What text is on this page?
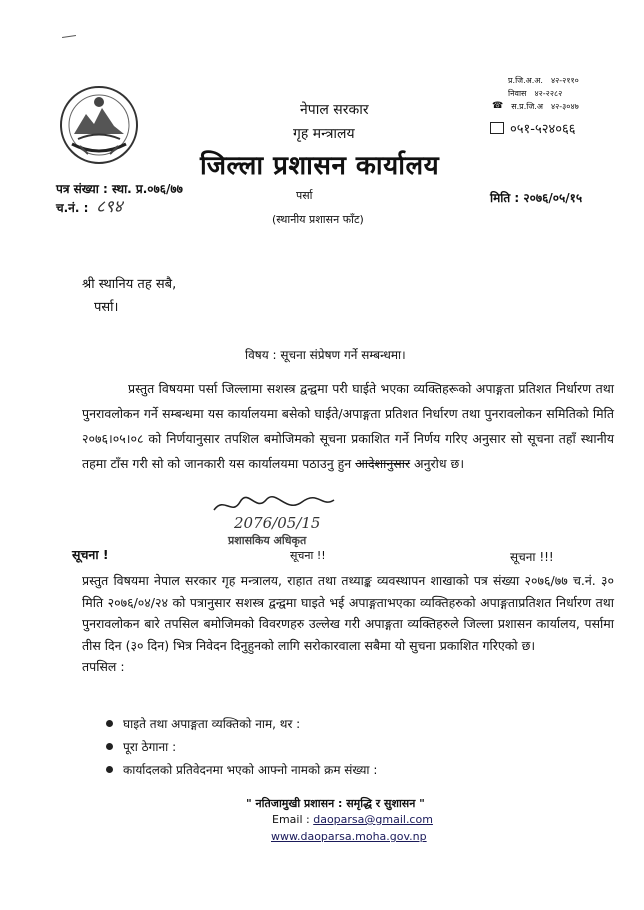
नेपाल सरकार
गृह मन्त्रालय
जिल्ला प्रशासन कार्यालय
पर्सा
(स्थानीय प्रशासन फाँट)
प्र.जि.अ.अ. ४२-२११०
निवास ४२-२२८२
☎ स.प्र.जि.अ ४२-३०४७
०५१-५२४०६६
पत्र संख्या : स्था. प्र.०७६/७७
च.नं. : ८९४	मिति : २०७६/०५/१५
श्री स्थानिय तह सबै,
पर्सा।
विषय : सूचना संप्रेषण गर्ने सम्बन्धमा।
प्रस्तुत विषयमा पर्सा जिल्लामा सशस्त्र द्वन्द्वमा परी घाईते भएका व्यक्तिहरूको अपाङ्गता प्रतिशत निर्धारण तथा पुनरावलोकन गर्ने सम्बन्धमा यस कार्यालयमा बसेको घाईते/अपाङ्गता प्रतिशत निर्धारण तथा पुनरावलोकन समितिको मिति २०७६।०५।०८ को निर्णयानुसार तपशिल बमोजिमको सूचना प्रकाशित गर्ने निर्णय गरिए अनुसार सो सूचना तहाँ स्थानीय तहमा टाँस गरी सो को जानकारी यस कार्यालयमा पठाउनु हुन आदेशानुसार अनुरोध छ।
2076/05/15
प्रशासकिय अधिकृत
सूचना !	सूचना !!	सूचना !!!
प्रस्तुत विषयमा नेपाल सरकार गृह मन्त्रालय, राहात तथा तथ्याङ्क व्यवस्थापन शाखाको पत्र संख्या २०७६/७७ च.नं. ३० मिति २०७६/०४/२४ को पत्रानुसार सशस्त्र द्वन्द्वमा घाइते भई अपाङ्गताभएका व्यक्तिहरुको अपाङ्गताप्रतिशत निर्धारण तथा पुनरावलोकन बारे तपसिल बमोजिमको विवरणहरु उल्लेख गरी अपाङ्गता व्यक्तिहरुले जिल्ला प्रशासन कार्यालय, पर्सामा तीस दिन (३० दिन) भित्र निवेदन दिनुहुनको लागि सरोकारवाला सबैमा यो सुचना प्रकाशित गरिएको छ।
तपसिल :
घाइते तथा अपाङ्गता व्यक्तिको नाम, थर :
पूरा ठेगाना :
कार्यादलको प्रतिवेदनमा भएको आफ्नो नामको क्रम संख्या :
" नतिजामुखी प्रशासन : समृद्धि र सुशासन "
Email : daoparsa@gmail.com
www.daoparsa.moha.gov.np
